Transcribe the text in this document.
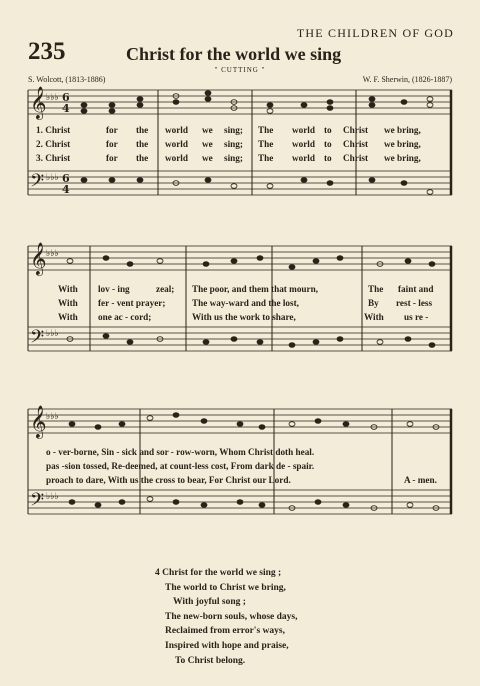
THE CHILDREN OF GOD
235	Christ for the world we sing
" CUTTING "
S. Wolcott, (1813-1886)	W. F. Sherwin, (1826-1887)
𝄞
𝄢
𝄞
𝄢
𝄞
𝄢
♭♭♭
♭♭♭
♭♭♭
♭♭♭
♭♭♭
♭♭♭
6
4
6
4
1. Christ	for the world we sing; The world to Christ we bring,
2. Christ	for the world we sing; The world to Christ we bring,
3. Christ	for the world we sing; The world to Christ we bring,
With lov - ing	zeal; The poor, and them that mourn,	The faint and
With fer - vent prayer;	The way-ward and the lost,	By rest - less
With one ac - cord;	With us the work to share,	With us re -
o - ver-borne, Sin - sick and sor - row-worn, Whom Christ doth heal.
pas -sion tossed, Re-deemed, at count-less cost, From dark de - spair.
proach to dare, With us the cross to bear, For Christ our Lord.	A - men.
4 Christ for the world we sing ;
The world to Christ we bring,
With joyful song ;
The new-born souls, whose days,
Reclaimed from error's ways,
Inspired with hope and praise,
To Christ belong.
